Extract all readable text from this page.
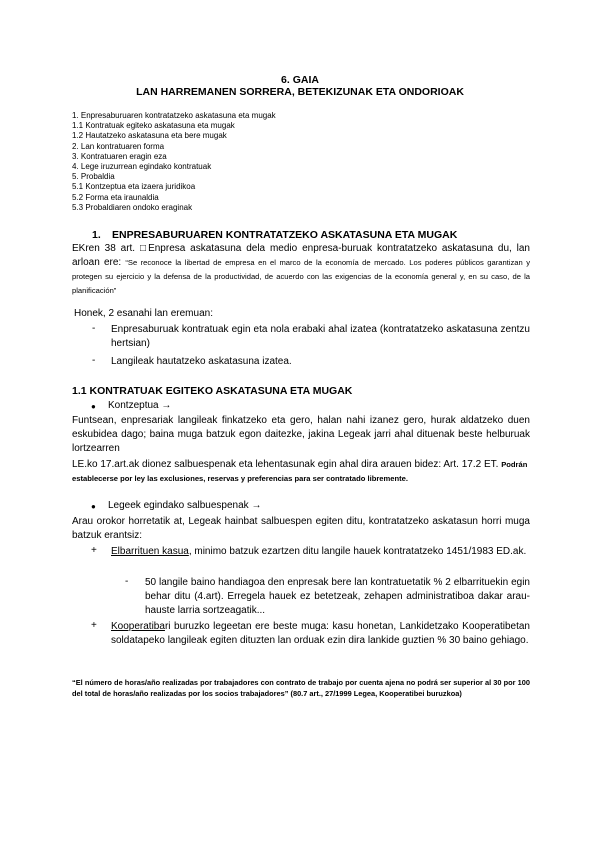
6. GAIA
LAN HARREMANEN SORRERA, BETEKIZUNAK ETA ONDORIOAK
1. Enpresaburuaren kontratatzeko askatasuna eta mugak
1.1 Kontratuak egiteko askatasuna eta mugak
1.2 Hautatzeko askatasuna eta bere mugak
2. Lan kontratuaren forma
3. Kontratuaren eragin eza
4. Lege iruzurrean egindako kontratuak
5. Probaldia
5.1 Kontzeptua eta izaera juridikoa
5.2 Forma eta iraunaldia
5.3 Probaldiaren ondoko eraginak
1. ENPRESABURUAREN KONTRATATZEKO ASKATASUNA ETA MUGAK
EKren 38 art. □Enpresa askatasuna dela medio enpresa-buruak kontratatzeko askatasuna du, lan arloan ere: “Se reconoce la libertad de empresa en el marco de la economía de mercado. Los poderes públicos garantizan y protegen su ejercicio y la defensa de la productividad, de acuerdo con las exigencias de la economía general y, en su caso, de la planificación”
Honek, 2 esanahi lan eremuan:
- Enpresaburuak kontratuak egin eta nola erabaki ahal izatea (kontratatzeko askatasuna zentzu hertsian)
- Langileak hautatzeko askatasuna izatea.
1.1 KONTRATUAK EGITEKO ASKATASUNA ETA MUGAK
● Kontzeptua →
Funtsean, enpresariak langileak finkatzeko eta gero, halan nahi izanez gero, hurak aldatzeko duen eskubidea dago; baina muga batzuk egon daitezke, jakina Legeak jarri ahal dituenak beste helburuak lortzearren
LE.ko 17.art.ak dionez salbuespenak eta lehentasunak egin ahal dira arauen bidez: Art. 17.2 ET. Podrán establecerse por ley las exclusiones, reservas y preferencias para ser contratado libremente.
● Legeek egindako salbuespenak →
Arau orokor horretatik at, Legeak hainbat salbuespen egiten ditu, kontratatzeko askatasun horri muga batzuk erantsiz:
+ Elbarrituen kasua, minimo batzuk ezartzen ditu langile hauek kontratatzeko 1451/1983 ED.ak.
- 50 langile baino handiagoa den enpresak bere lan kontratuetatik % 2 elbarrituekin egin behar ditu (4.art). Erregela hauek ez betetzeak, zehapen administratiboa dakar arau-hauste larria sortzeagatik...
+ Kooperatibari buruzko legeetan ere beste muga: kasu honetan, Lankidetzako Kooperatibetan soldatapeko langileak egiten dituzten lan orduak ezin dira lankide guztien % 30 baino gehiago.
“El número de horas/año realizadas por trabajadores con contrato de trabajo por cuenta ajena no podrá ser superior al 30 por 100 del total de horas/año realizadas por los socios trabajadores” (80.7 art., 27/1999 Legea, Kooperatibei buruzkoa)
